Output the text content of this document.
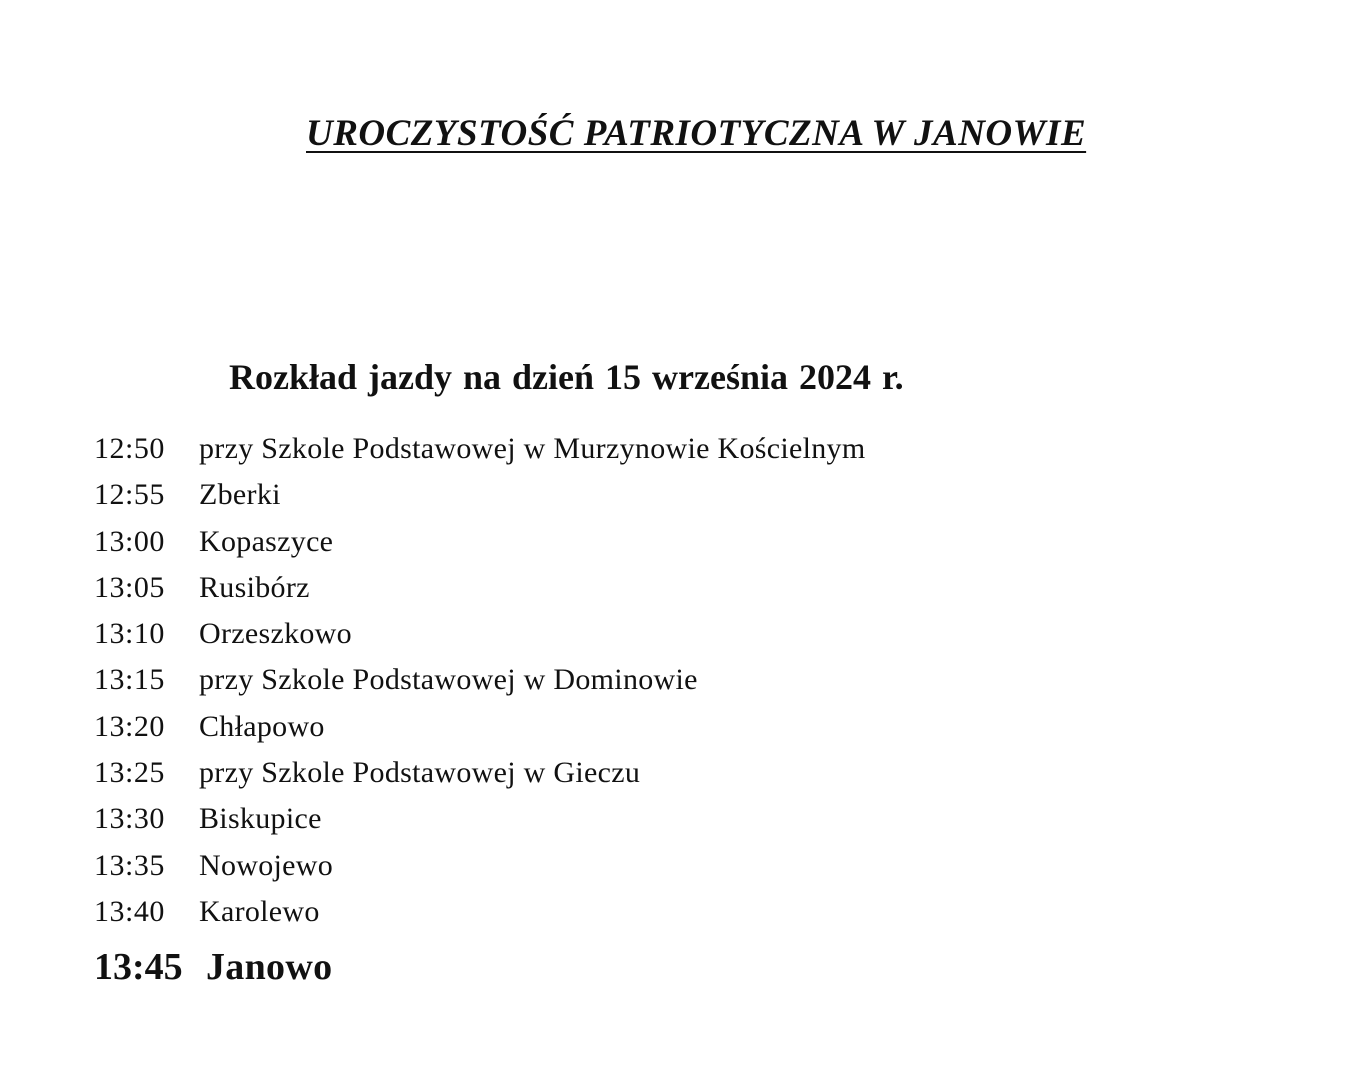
UROCZYSTOŚĆ PATRIOTYCZNA W JANOWIE
Rozkład jazdy na dzień 15 września 2024 r.
12:50	przy Szkole Podstawowej w Murzynowie Kościelnym
12:55	Zberki
13:00	Kopaszyce
13:05	Rusibórz
13:10	Orzeszkowo
13:15	przy Szkole Podstawowej w Dominowie
13:20	Chłapowo
13:25	przy Szkole Podstawowej w Gieczu
13:30	Biskupice
13:35	Nowojewo
13:40	Karolewo
13:45 Janowo
